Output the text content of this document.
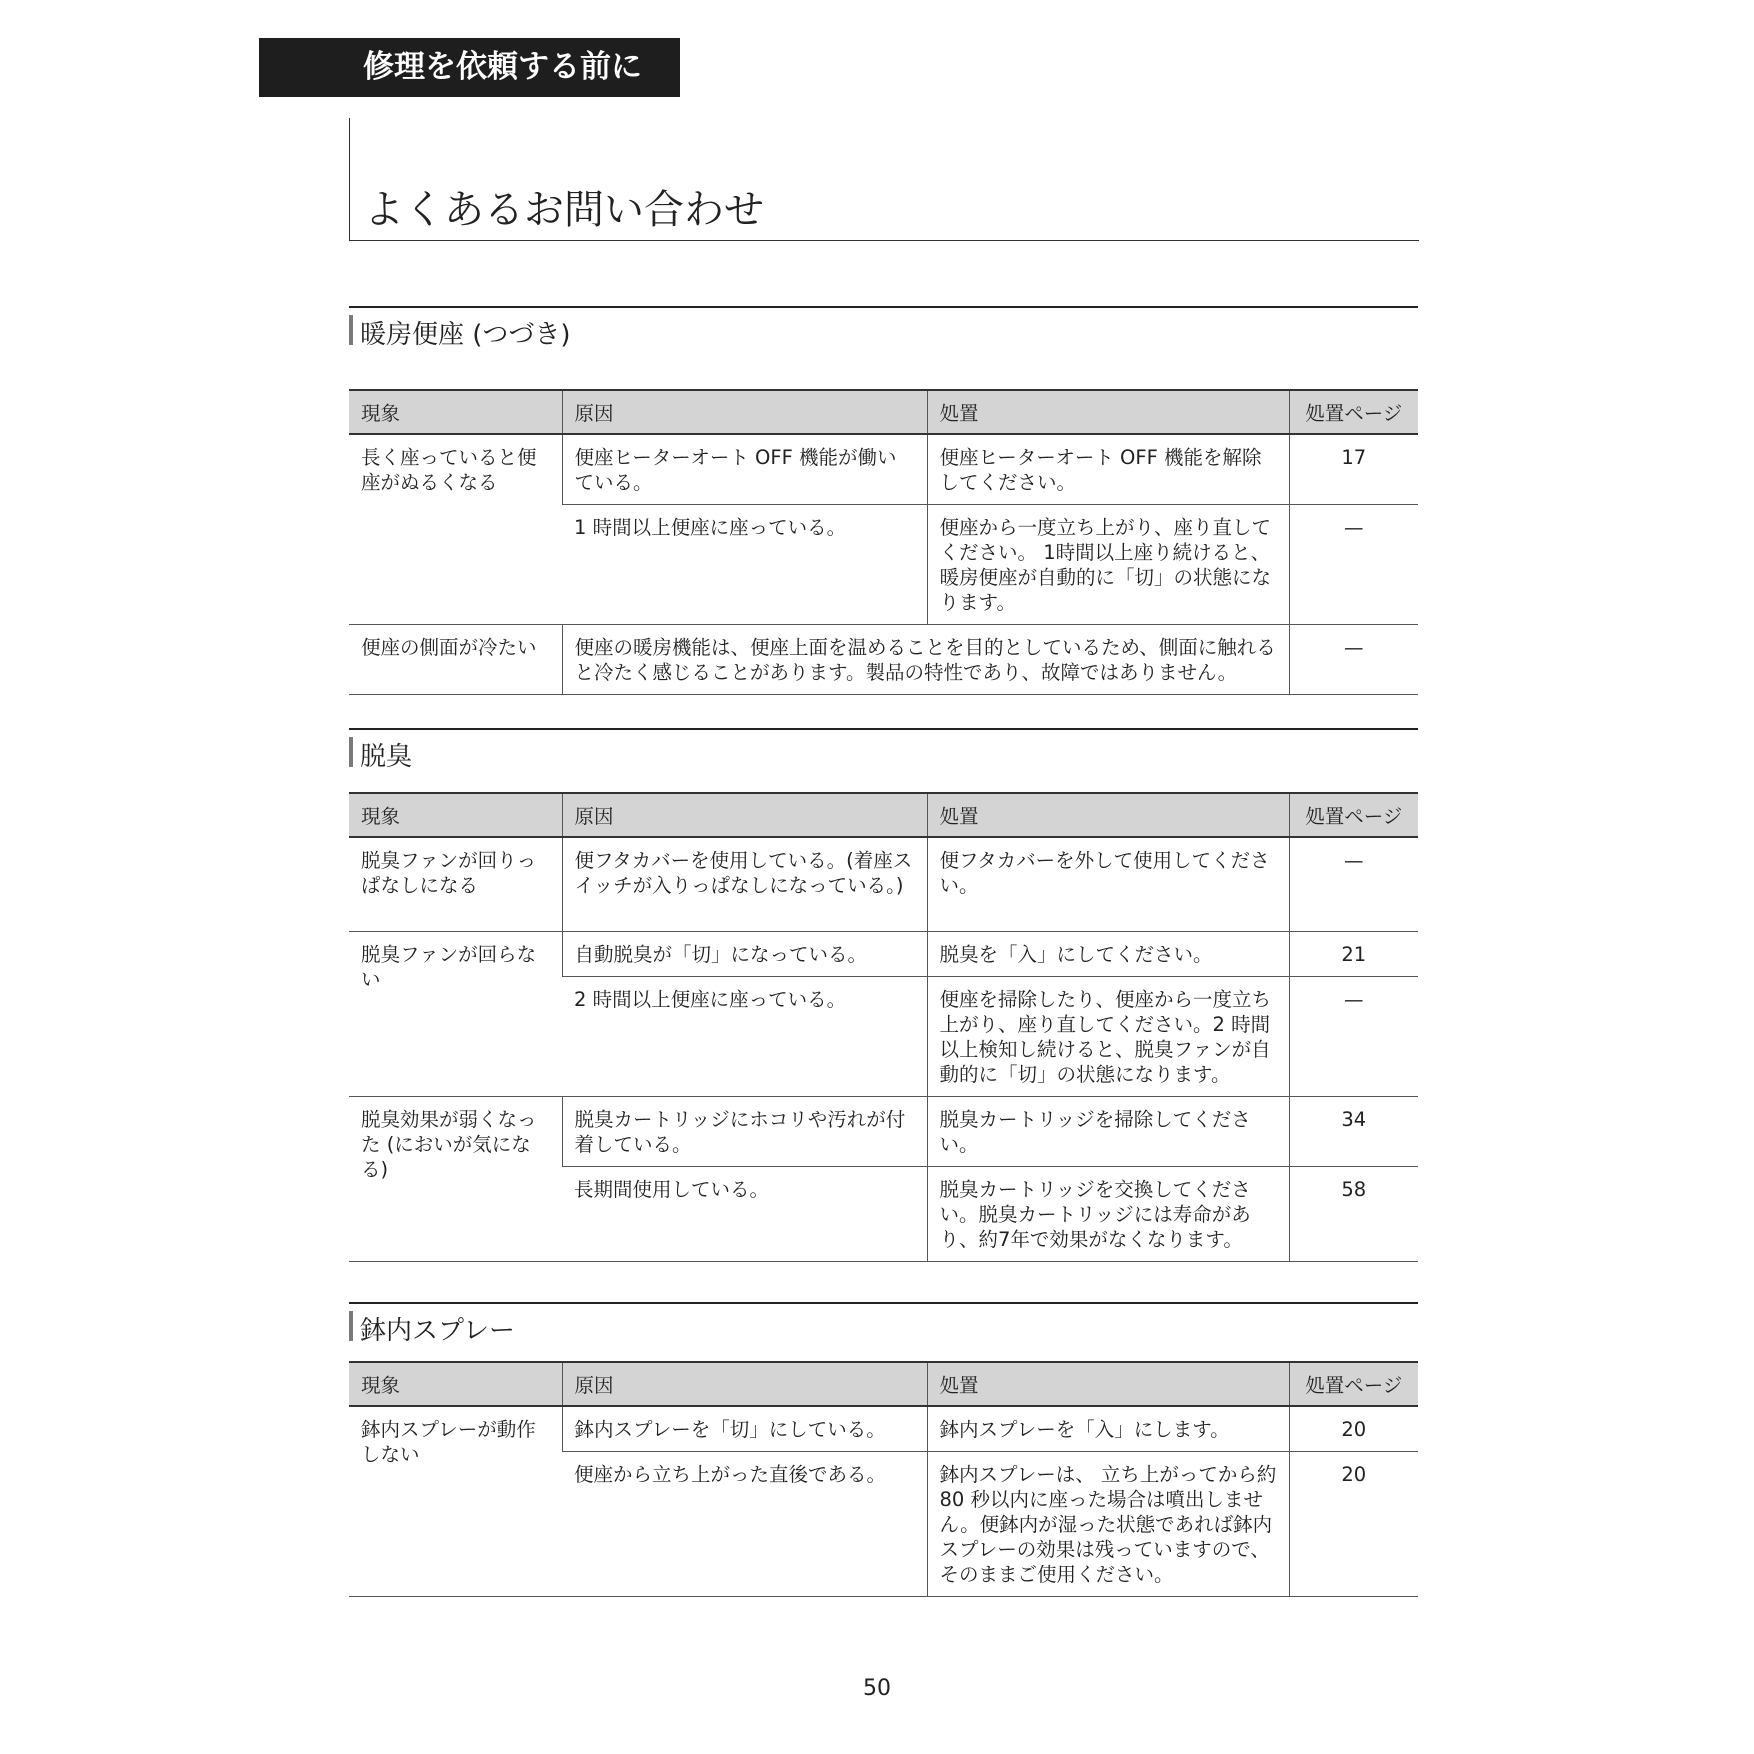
修理を依頼する前に
よくあるお問い合わせ
暖房便座 (つづき)
現象	原因	処置	処置ページ
長く座っていると便座がぬるくなる	便座ヒーターオート OFF 機能が働いている。	便座ヒーターオート OFF 機能を解除してください。	17
	1 時間以上便座に座っている。	便座から一度立ち上がり、座り直してください。 1時間以上座り続けると、暖房便座が自動的に「切」の状態になります。	—
便座の側面が冷たい	便座の暖房機能は、便座上面を温めることを目的としているため、側面に触れると冷たく感じることがあります。製品の特性であり、故障ではありません。		—
脱臭
現象	原因	処置	処置ページ
脱臭ファンが回りっぱなしになる	便フタカバーを使用している。(着座スイッチが入りっぱなしになっている。)	便フタカバーを外して使用してください。	—
脱臭ファンが回らない	自動脱臭が「切」になっている。	脱臭を「入」にしてください。	21
	2 時間以上便座に座っている。	便座を掃除したり、便座から一度立ち上がり、座り直してください。2 時間以上検知し続けると、脱臭ファンが自動的に「切」の状態になります。	—
脱臭効果が弱くなった (においが気になる)	脱臭カートリッジにホコリや汚れが付着している。	脱臭カートリッジを掃除してください。	34
	長期間使用している。	脱臭カートリッジを交換してください。脱臭カートリッジには寿命があり、約7年で効果がなくなります。	58
鉢内スプレー
現象	原因	処置	処置ページ
鉢内スプレーが動作しない	鉢内スプレーを「切」にしている。	鉢内スプレーを「入」にします。	20
	便座から立ち上がった直後である。	鉢内スプレーは、 立ち上がってから約 80 秒以内に座った場合は噴出しません。便鉢内が湿った状態であれば鉢内スプレーの効果は残っていますので、そのままご使用ください。	20
50
